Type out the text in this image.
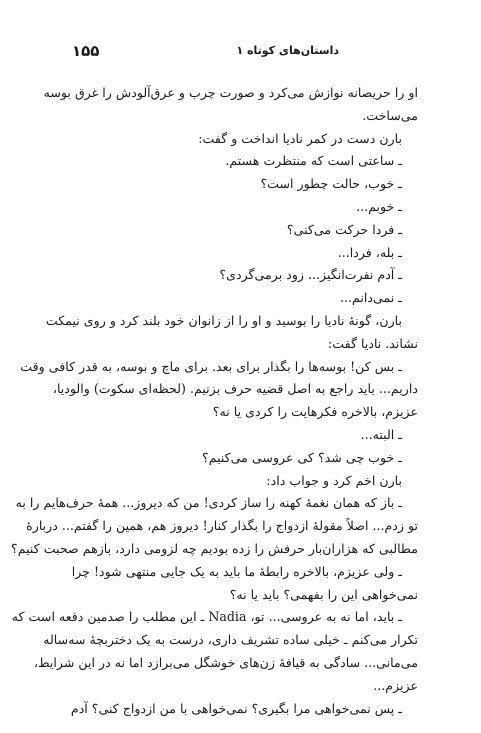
۱۵۵	داستان‌های کوتاه ۱
او را حریصانه نوازش می‌کرد و صورت چرب و عرق‌آلودش را غرق بوسه
می‌ساخت.
بارن دست در کمر نادیا انداخت و گفت:
ـ ساعتی است که منتظرت هستم.
ـ خوب، حالت چطور است؟
ـ خوبم...
ـ فردا حرکت می‌کنی؟
ـ بله، فردا...
ـ آدم نفرت‌انگیز... زود برمی‌گردی؟
ـ نمی‌دانم...
بارن، گونهٔ نادیا را بوسید و او را از زانوان خود بلند کرد و روی نیمکت
نشاند. نادیا گفت:
ـ بس کن! بوسه‌ها را بگذار برای بعد. برای ماچ و بوسه، به قدر کافی وقت
داریم... باید راجع به اصل قضیه حرف بزنیم. (لحظه‌ای سکوت) والودیا،
عزیزم، بالاخره فکرهایت را کردی یا نه؟
ـ البته...
ـ خوب چی شد؟ کی عروسی می‌کنیم؟
بارن اخم کرد و جواب داد:
ـ باز که همان نغمهٔ کهنه را ساز کردی! من که دیروز... همهٔ حرف‌هایم را به
تو زدم... اصلاً مقولهٔ ازدواج را بگذار کنار! دیروز هم، همین را گفتم... دربارهٔ
مطالبی که هزاران‌بار حرفش را زده بودیم چه لزومی دارد، بازهم صحبت کنیم؟
ـ ولی عزیزم، بالاخره رابطهٔ ما باید به یک جایی منتهی شود! چرا
نمی‌خواهی این را بفهمی؟ باید یا نه؟
ـ باید، اما نه به عروسی... تو، Nadia ـ این مطلب را صدمین دفعه است که
تکرار می‌کنم ـ خیلی ساده تشریف داری، درست به یک دختربچهٔ سه‌ساله
می‌مانی... سادگی به قیافهٔ زن‌های خوشگل می‌برازد اما نه در این شرایط،
عزیزم...
ـ پس نمی‌خواهی مرا بگیری؟ نمی‌خواهی با من ازدواج کنی؟ آدم
